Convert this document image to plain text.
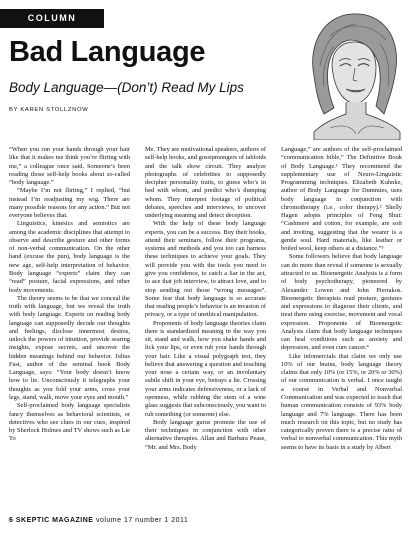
COLUMN
Bad Language
Body Language—(Don’t) Read My Lips
BY KAREN STOLLZNOW

“When you run your hands through your hair like that it makes me think you’re flirting with me,” a colleague once said. Someone’s been reading those self-help books about so-called “body language.”

“Maybe I’m not flirting,” I replied, “but instead I’m readjusting my wig. There are many possible reasons for any action.” But not everyone believes that.

Linguistics, kinesics and semiotics are among the academic disciplines that attempt to observe and describe gesture and other forms of non-verbal communication. On the other hand (excuse the pun), body language is the new age, self-help interpretation of behavior. Body language “experts” claim they can “read” posture, facial expressions, and other body movements.

The theory seems to be that we conceal the truth with language, but we reveal the truth with body language. Experts on reading body language can supposedly decode our thoughts and feelings, disclose innermost desires, unlock the powers of intuition, provide searing insights, expose secrets, and uncover the hidden meanings behind our behavior. Julius Fast, author of the seminal book Body Language, says: “Your body doesn’t know how to lie. Unconsciously it telegraphs your thoughts as you fold your arms, cross your legs, stand, walk, move your eyes and mouth.”

Self-proclaimed body language specialists fancy themselves as behavioral scientists, or detectives who see clues in our cues, inspired by Sherlock Holmes and TV shows such as Lie To

Me. They are motivational speakers, authors of self-help books, and gossipmongers of tabloids and the talk show circuit. They analyze photographs of celebrities to supposedly decipher personality traits, to guess who’s in bed with whom, and predict who’s dumping whom. They interpret footage of political debates, speeches and interviews, to uncover underlying meaning and detect deception.

With the help of these body language experts, you can be a success. Buy their books, attend their seminars, follow their programs, systems and methods and you too can harness these techniques to achieve your goals. They will provide you with the tools you need to give you confidence, to catch a liar in the act, to ace that job interview, to attract love, and to stop sending out those “wrong messages”. Some fear that body language is so accurate that reading people’s behavior is an invasion of privacy, or a type of unethical manipulation.

Proponents of body language theories claim there is standardized meaning in the way you sit, stand and walk, how you shake hands and lick your lips, or even rub your hands through your hair. Like a visual polygraph test, they believe that answering a question and touching your nose a certain way, or an involuntary subtle shift in your eye, betrays a lie. Crossing your arms indicates defensiveness, or a lack of openness, while rubbing the stem of a wine glass suggests that subconsciously, you want to rub something (or someone) else.

Body language gurus promote the use of their techniques in conjunction with other alternative therapies. Allan and Barbara Pease, “Mr. and Mrs. Body

Language,” are authors of the self-proclaimed “communication bible,” The Definitive Book of Body Language.¹ They recommend the supplementary use of Neuro-Linguistic Programming techniques. Elizabeth Kuhnke, author of Body Language for Dummies, uses body language in conjunction with chromotherapy (i.e., color therapy).² Shelly Hagen adopts principles of Feng Shui: “Cashmere and cotton, for example, are soft and inviting, suggesting that the wearer is a gentle soul. Hard materials, like leather or boiled wool, keep others at a distance.”³

Some followers believe that body language can do more than reveal if someone is sexually attracted to us. Bioenergetic Analysis is a form of body psychotherapy, pioneered by Alexander Lowen and John Pierrakos. Bioenergetic therapists read posture, gestures and expressions to diagnose their clients, and treat them using exercise, movement and vocal expression. Proponents of Bioenergetic Analysis claim that body language techniques can heal conditions such as anxiety and depression, and even cure cancer.⁴

Like infomercials that claim we only use 10% of our brains, body language theory claims that only 10% (or 15%, or 20% or 30%) of our communication is verbal. I once taught a course in Verbal and Nonverbal Communication and was expected to teach that human communication consists of 93% body language and 7% language. There has been much research on this topic, but no study has categorically proven there is a precise ratio of verbal to nonverbal communication. This myth seems to have its basis in a study by Albert

6 SKEPTIC MAGAZINE volume 17 number 1 2011
